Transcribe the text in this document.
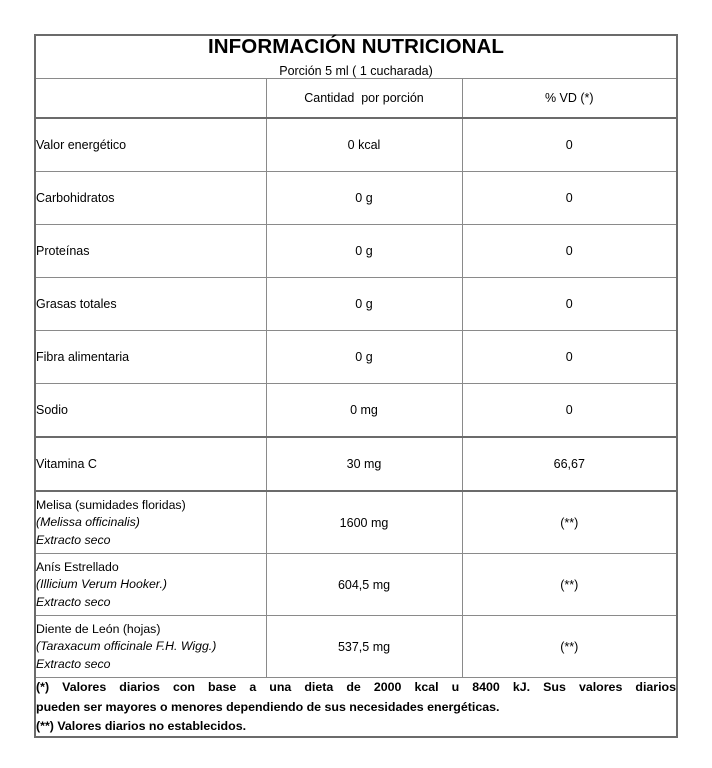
INFORMACIÓN NUTRICIONAL
Porción 5 ml ( 1 cucharada)		

	Cantidad  por porción	% VD (*)
Valor energético	0 kcal	0
Carbohidratos	0 g	0
Proteínas	0 g	0
Grasas totales	0 g	0
Fibra alimentaria	0 g	0
Sodio	0 mg	0
Vitamina C	30 mg	66,67

Melisa (sumidades floridas)
(Melissa officinalis)
Extracto seco	1600 mg	(**)

Anís Estrellado
(Illicium Verum Hooker.)
Extracto seco	604,5 mg	(**)

Diente de León (hojas)
(Taraxacum officinale F.H. Wigg.)
Extracto seco	537,5 mg	(**)

(*) Valores diarios con base a una dieta de 2000 kcal u 8400 kJ. Sus valores diarios

pueden ser mayores o menores dependiendo de sus necesidades energéticas.

(**) Valores diarios no establecidos.		
